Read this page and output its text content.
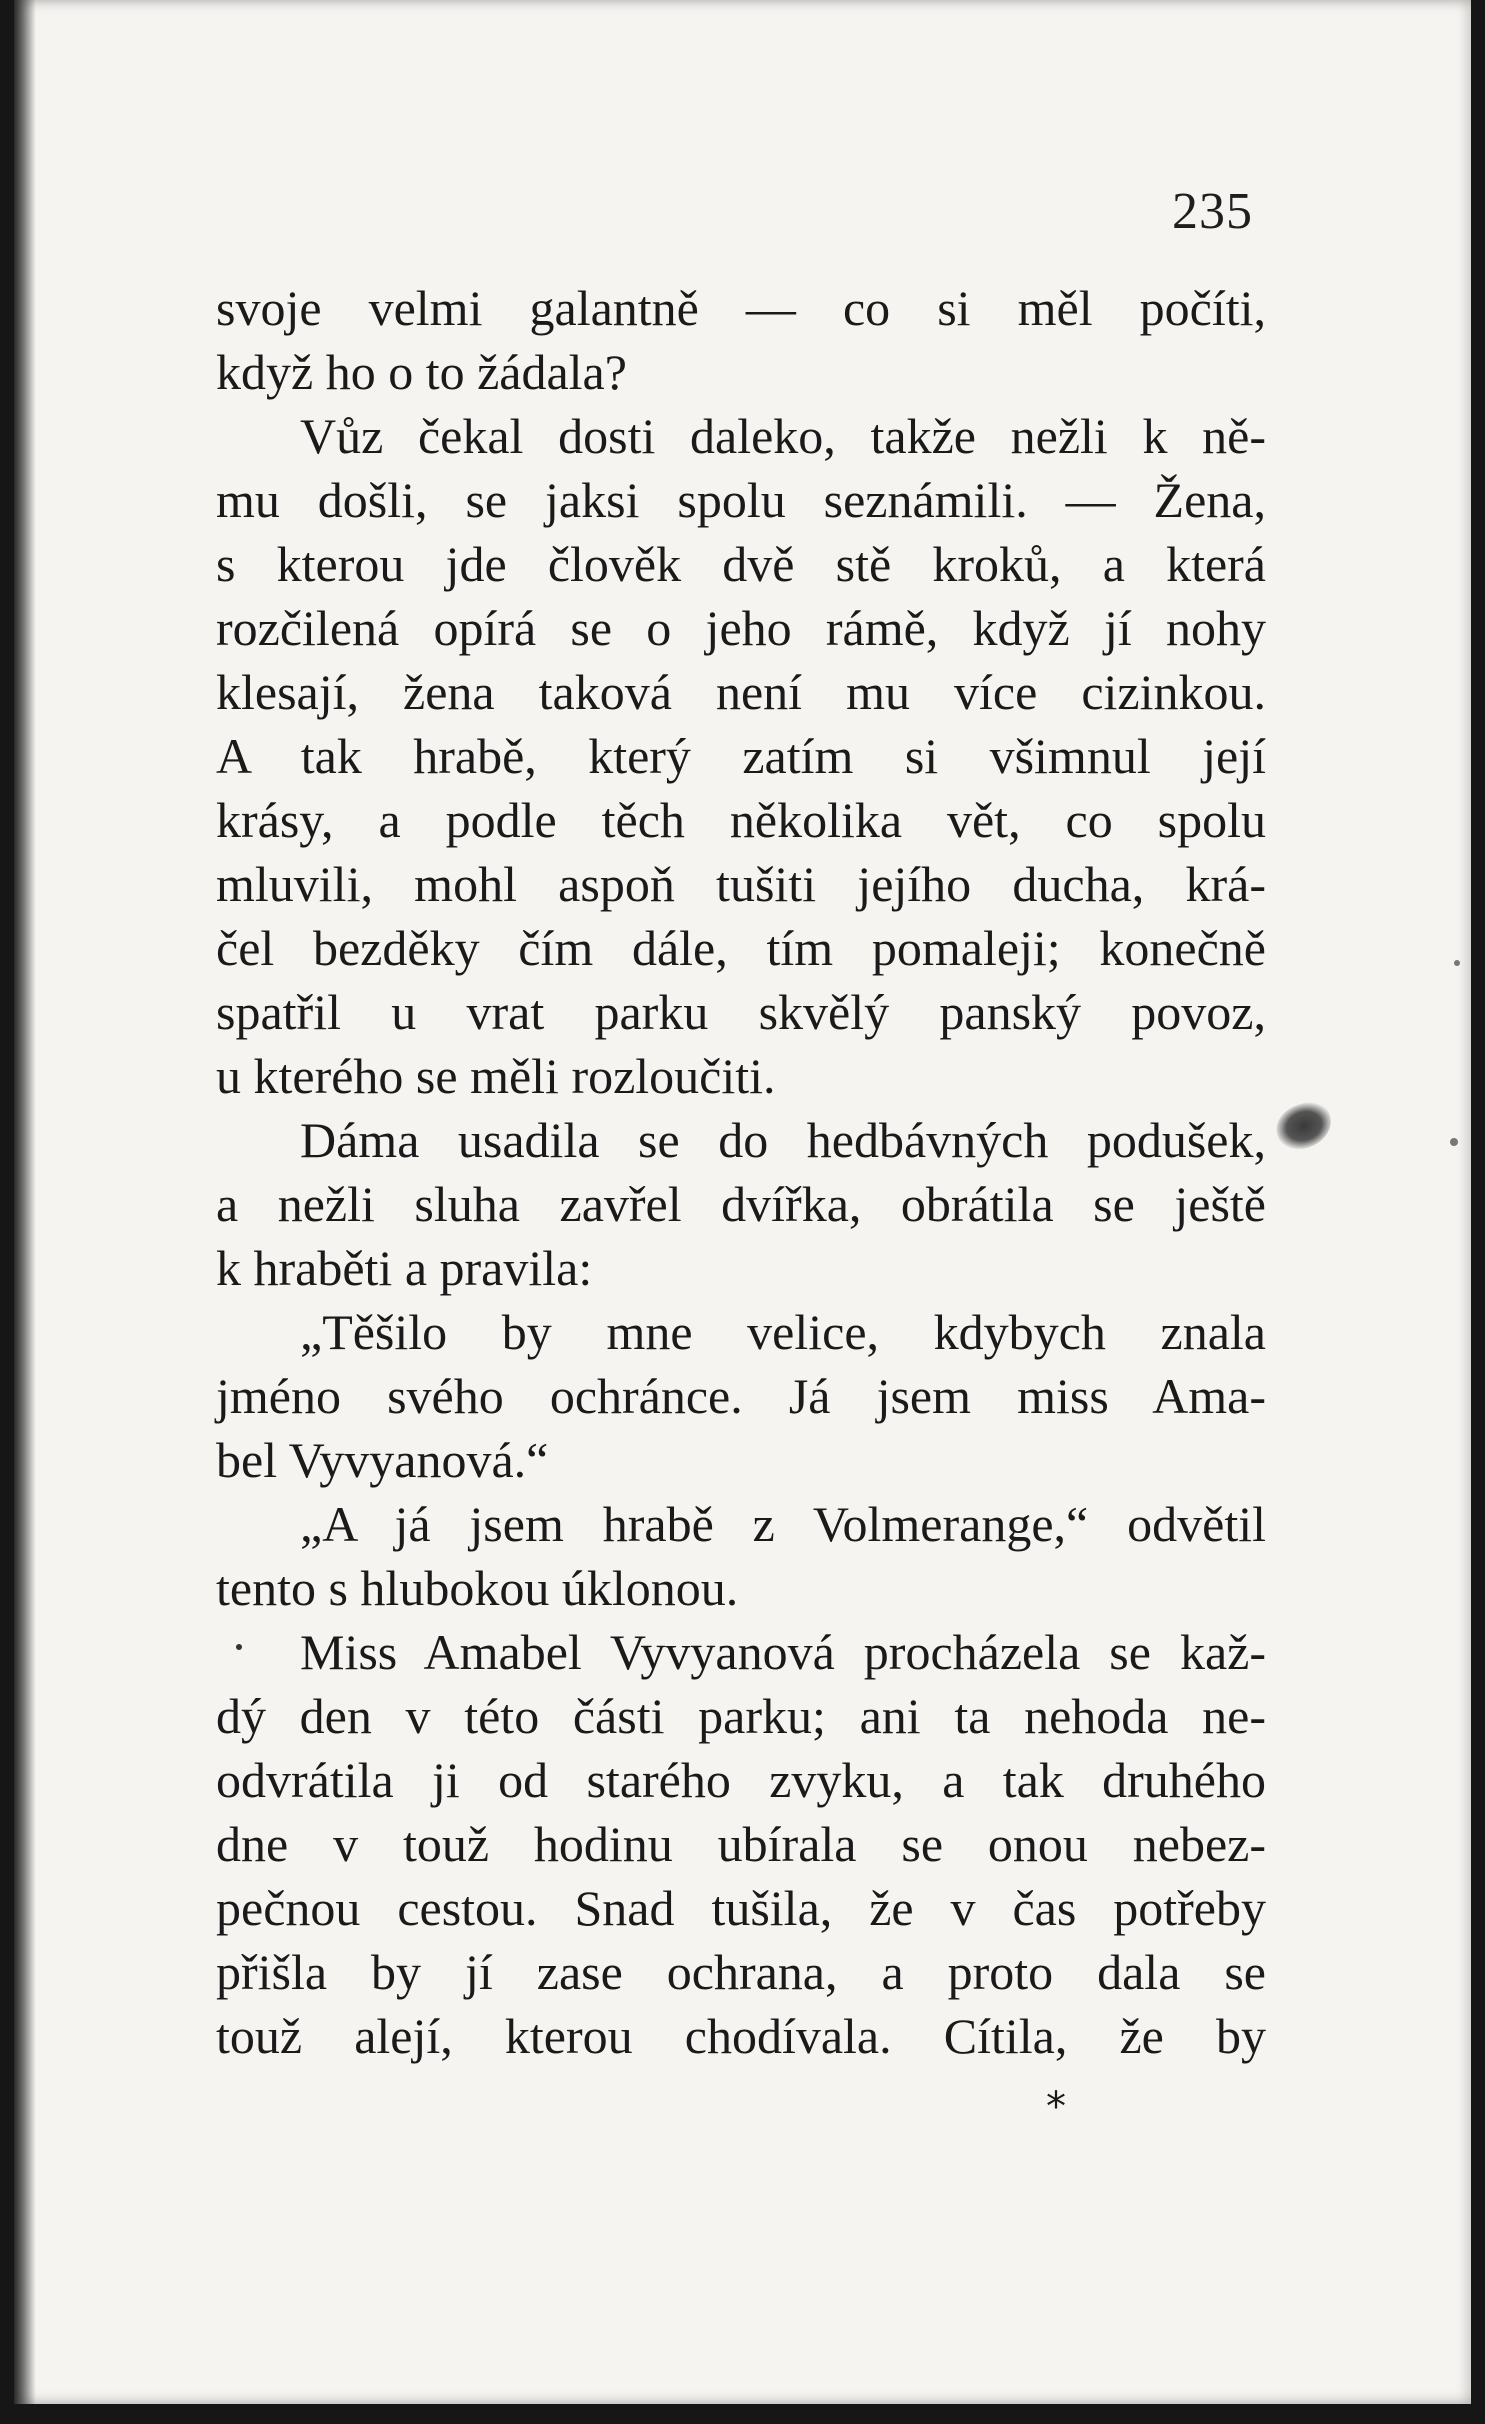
235
svoje velmi galantně — co si měl počíti,
když ho o to žádala?
Vůz čekal dosti daleko, takže nežli k ně-
mu došli, se jaksi spolu seznámili. — Žena,
s kterou jde člověk dvě stě kroků, a která
rozčilená opírá se o jeho rámě, když jí nohy
klesají, žena taková není mu více cizinkou.
A tak hrabě, který zatím si všimnul její
krásy, a podle těch několika vět, co spolu
mluvili, mohl aspoň tušiti jejího ducha, krá-
čel bezděky čím dále, tím pomaleji; konečně
spatřil u vrat parku skvělý panský povoz,
u kterého se měli rozloučiti.
Dáma usadila se do hedbávných podušek,
a nežli sluha zavřel dvířka, obrátila se ještě
k hraběti a pravila:
„Těšilo by mne velice, kdybych znala
jméno svého ochránce. Já jsem miss Ama-
bel Vyvyanová.“
„A já jsem hrabě z Volmerange,“ odvětil
tento s hlubokou úklonou.
Miss Amabel Vyvyanová procházela se kaž-
dý den v této části parku; ani ta nehoda ne-
odvrátila ji od starého zvyku, a tak druhého
dne v touž hodinu ubírala se onou nebez-
pečnou cestou. Snad tušila, že v čas potřeby
přišla by jí zase ochrana, a proto dala se
touž alejí, kterou chodívala. Cítila, že by
*
